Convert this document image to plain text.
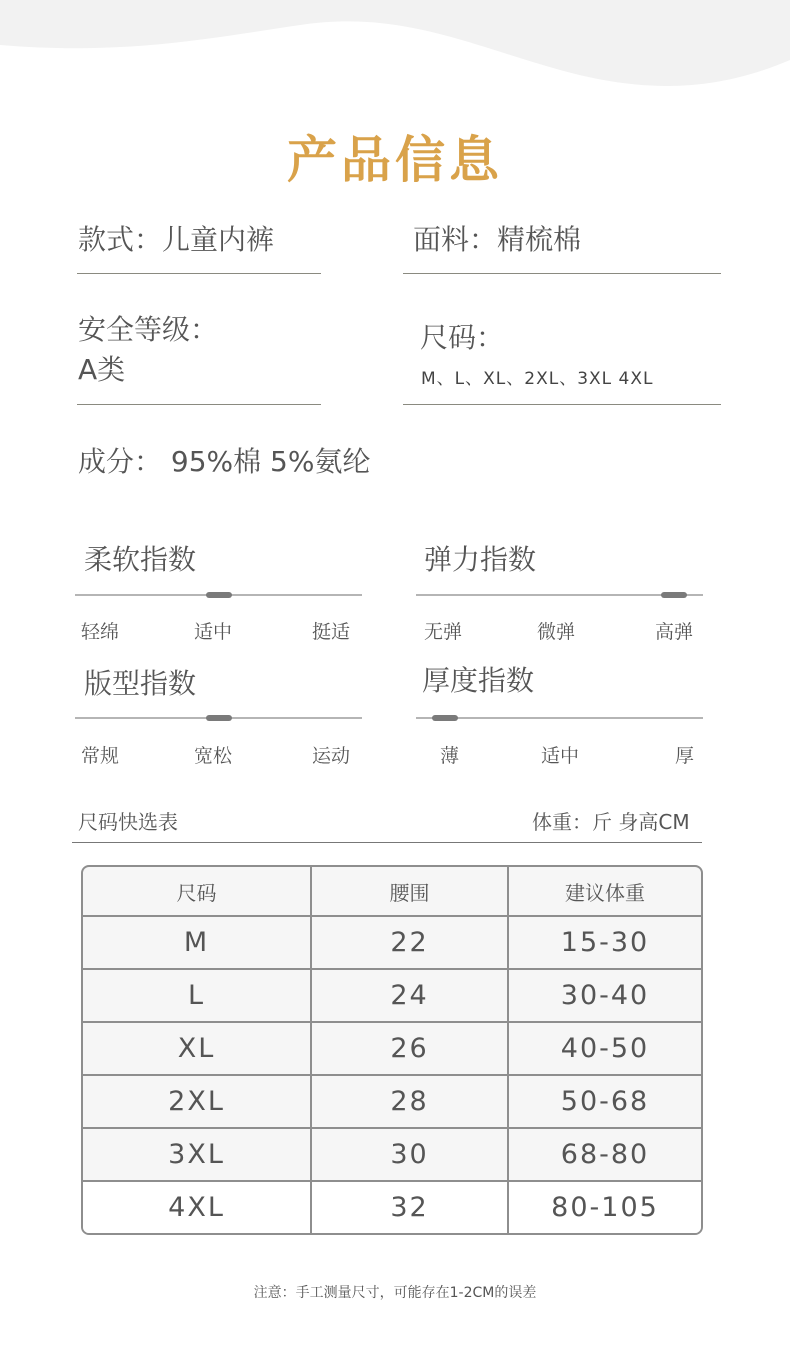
产品信息
款式：儿童内裤	面料：精梳棉
安全等级：
A类
尺码：
M、L、XL、2XL、3XL 4XL
成分： 95%棉 5%氨纶
柔软指数
轻绵	适中	挺适
弹力指数
无弹	微弹	高弹
版型指数
常规	宽松	运动
厚度指数
薄	适中	厚
尺码快选表	体重：斤 身高CM
尺码	腰围	建议体重
M	22	15-30
L	24	30-40
XL	26	40-50
2XL	28	50-68
3XL	30	68-80
4XL	32	80-105
注意：手工测量尺寸，可能存在1-2CM的误差
